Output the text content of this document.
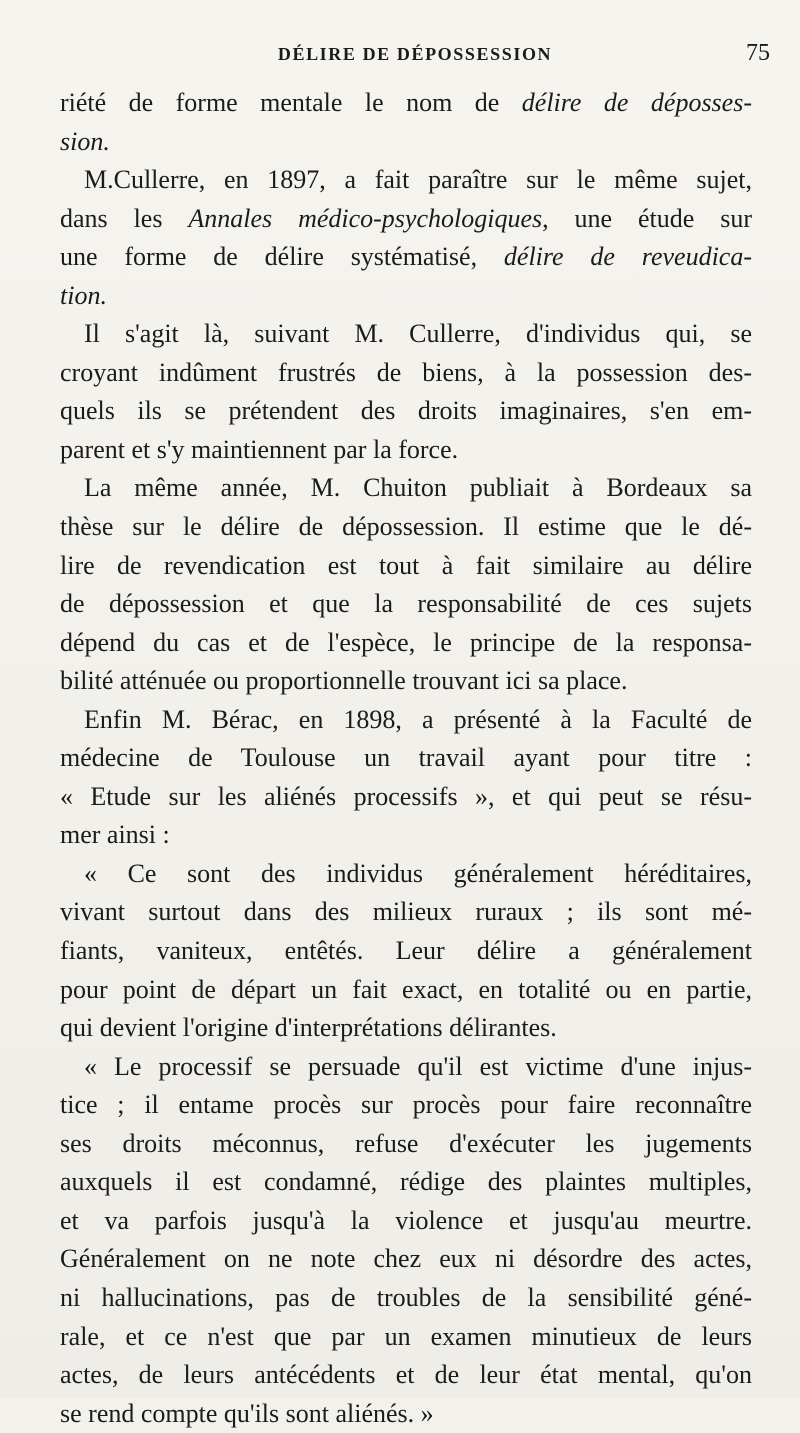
DÉLIRE DE DÉPOSSESSION	75
riété de forme mentale le nom de délire de déposses-
sion.
M.Cullerre, en 1897, a fait paraître sur le même sujet,
dans les Annales médico-psychologiques, une étude sur
une forme de délire systématisé, délire de reveudica-
tion.
Il s'agit là, suivant M. Cullerre, d'individus qui, se
croyant indûment frustrés de biens, à la possession des-
quels ils se prétendent des droits imaginaires, s'en em-
parent et s'y maintiennent par la force.
La même année, M. Chuiton publiait à Bordeaux sa
thèse sur le délire de dépossession. Il estime que le dé-
lire de revendication est tout à fait similaire au délire
de dépossession et que la responsabilité de ces sujets
dépend du cas et de l'espèce, le principe de la responsa-
bilité atténuée ou proportionnelle trouvant ici sa place.
Enfin M. Bérac, en 1898, a présenté à la Faculté de
médecine de Toulouse un travail ayant pour titre :
« Etude sur les aliénés processifs », et qui peut se résu-
mer ainsi :
« Ce sont des individus généralement héréditaires,
vivant surtout dans des milieux ruraux ; ils sont mé-
fiants, vaniteux, entêtés. Leur délire a généralement
pour point de départ un fait exact, en totalité ou en partie,
qui devient l'origine d'interprétations délirantes.
« Le processif se persuade qu'il est victime d'une injus-
tice ; il entame procès sur procès pour faire reconnaître
ses droits méconnus, refuse d'exécuter les jugements
auxquels il est condamné, rédige des plaintes multiples,
et va parfois jusqu'à la violence et jusqu'au meurtre.
Généralement on ne note chez eux ni désordre des actes,
ni hallucinations, pas de troubles de la sensibilité géné-
rale, et ce n'est que par un examen minutieux de leurs
actes, de leurs antécédents et de leur état mental, qu'on
se rend compte qu'ils sont aliénés. »
